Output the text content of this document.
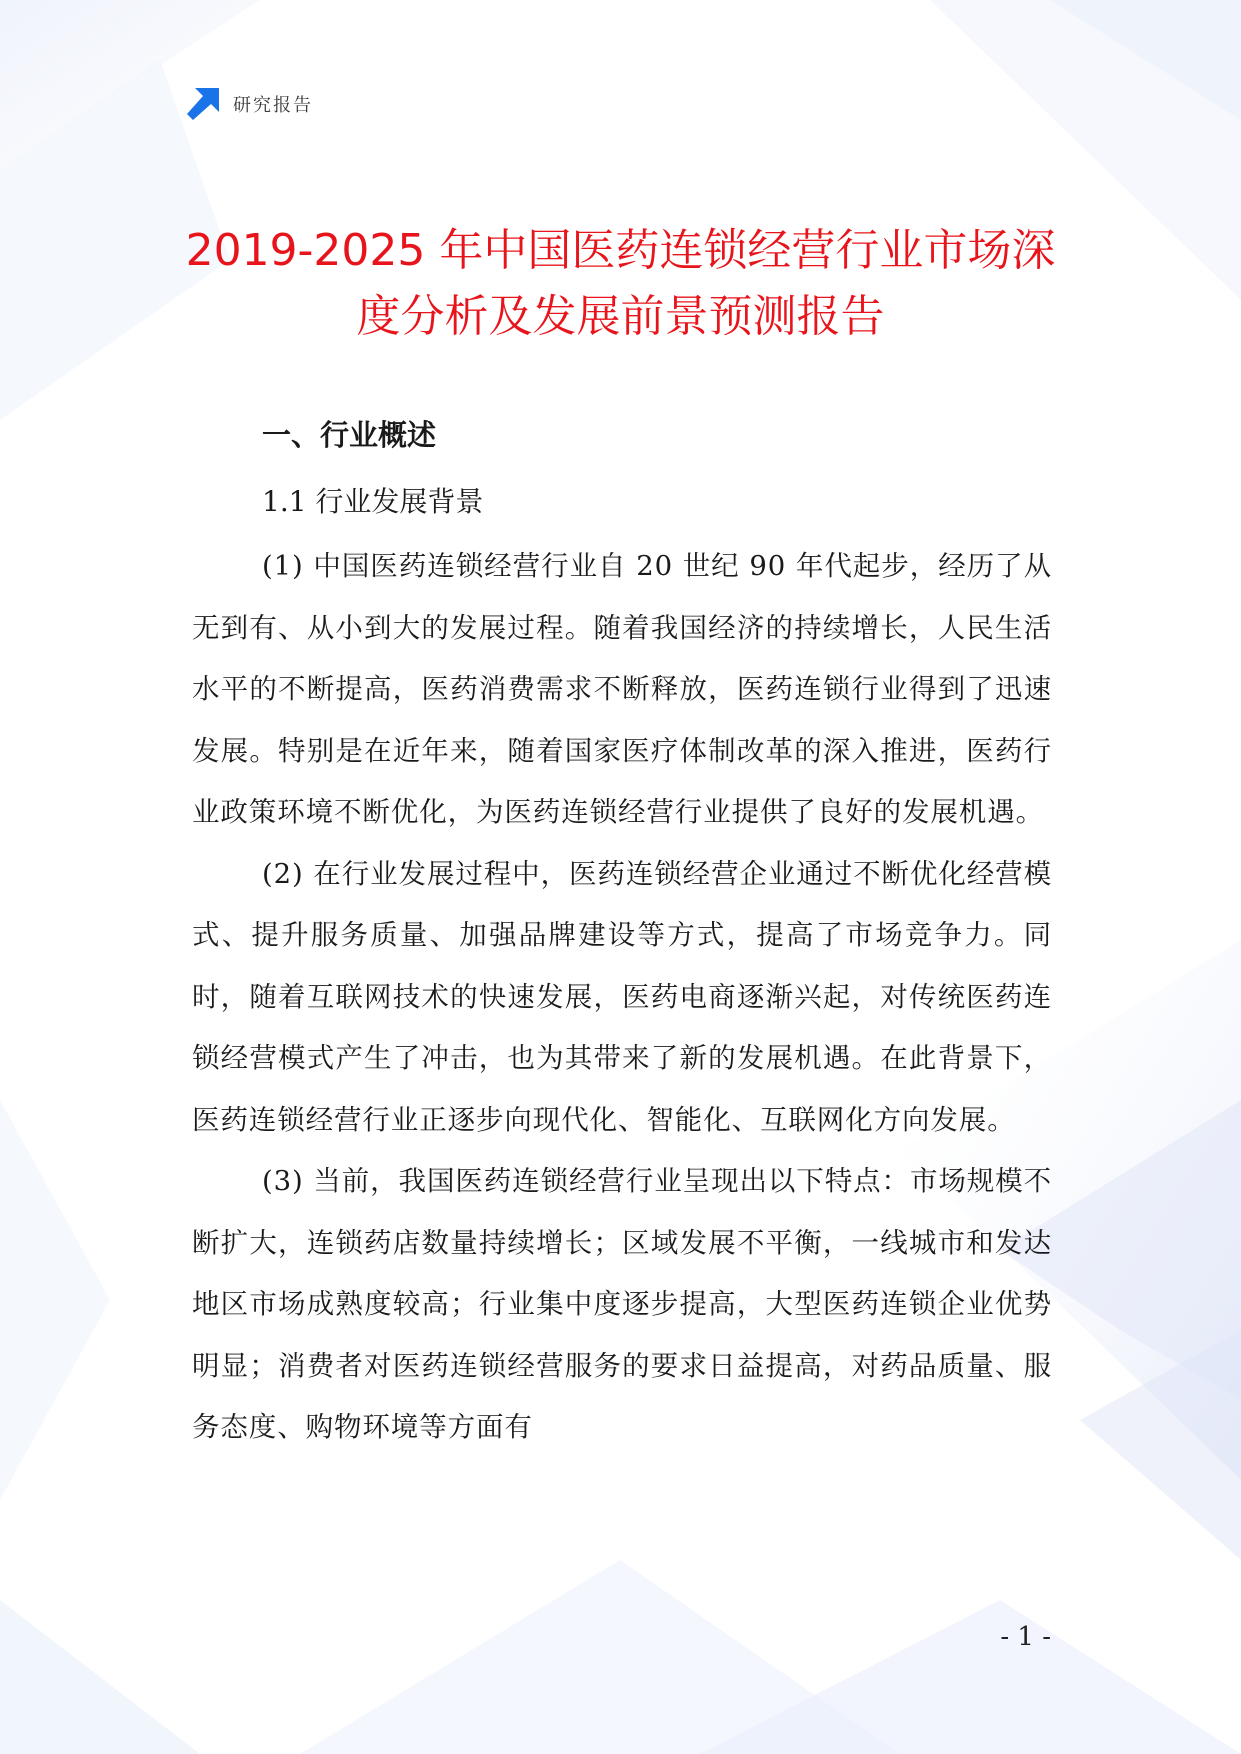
研究报告
2019-2025 年中国医药连锁经营行业市场深
度分析及发展前景预测报告
一、行业概述
1.1 行业发展背景

(1) 中国医药连锁经营行业自 20 世纪 90 年代起步，经历了从无到有、从小到大的发展过程。随着我国经济的持续增长，人民生活水平的不断提高，医药消费需求不断释放，医药连锁行业得到了迅速发展。特别是在近年来，随着国家医疗体制改革的深入推进，医药行业政策环境不断优化，为医药连锁经营行业提供了良好的发展机遇。

(2) 在行业发展过程中，医药连锁经营企业通过不断优化经营模式、提升服务质量、加强品牌建设等方式，提高了市场竞争力。同时，随着互联网技术的快速发展，医药电商逐渐兴起，对传统医药连锁经营模式产生了冲击，也为其带来了新的发展机遇。在此背景下，医药连锁经营行业正逐步向现代化、智能化、互联网化方向发展。

(3) 当前，我国医药连锁经营行业呈现出以下特点：市场规模不断扩大，连锁药店数量持续增长；区域发展不平衡，一线城市和发达地区市场成熟度较高；行业集中度逐步提高，大型医药连锁企业优势明显；消费者对医药连锁经营服务的要求日益提高，对药品质量、服务态度、购物环境等方面有

- 1 -
